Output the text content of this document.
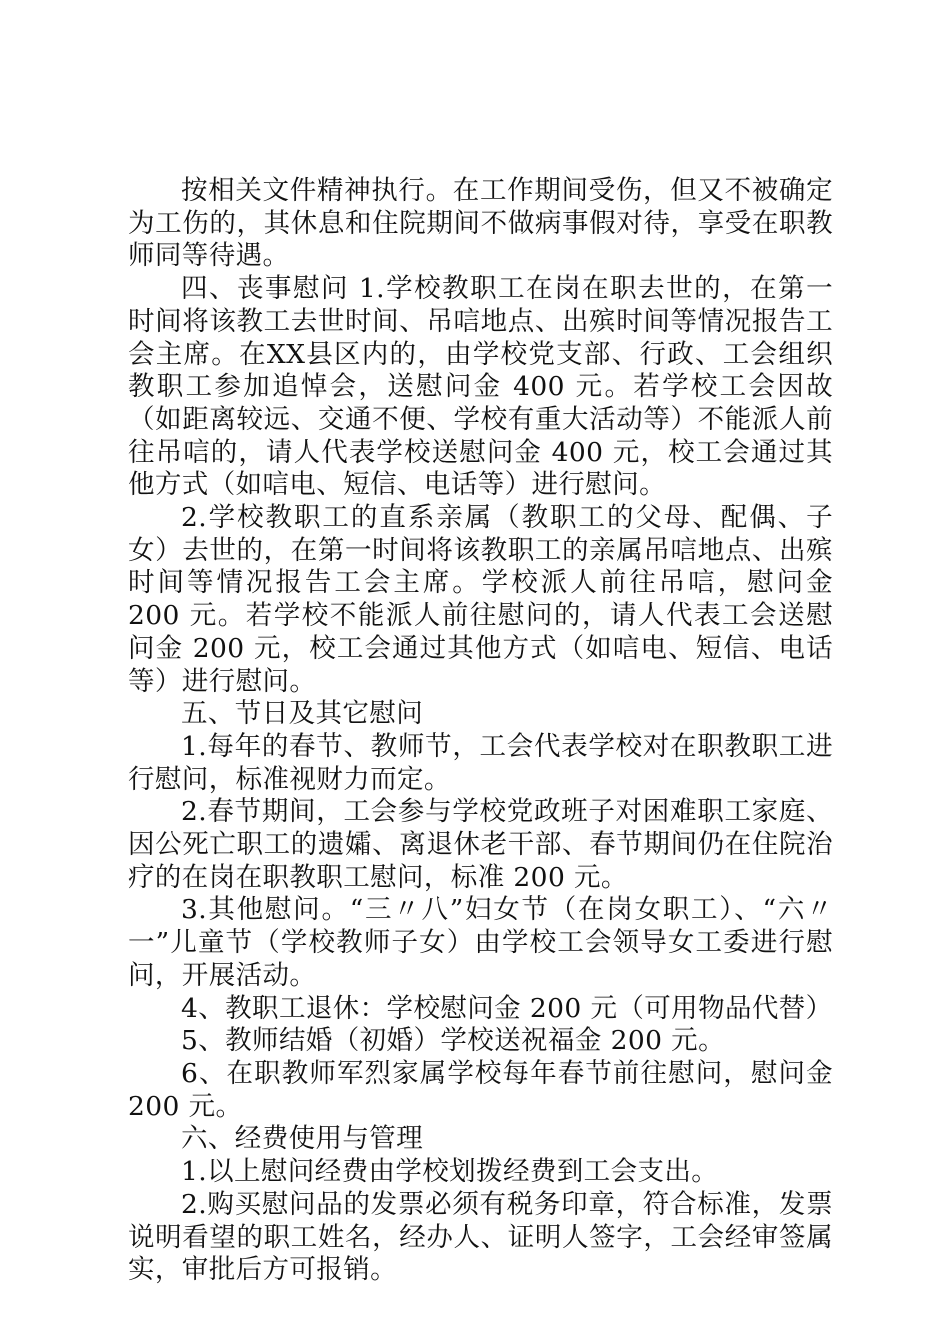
按相关文件精神执行。在工作期间受伤，但又不被确定为工伤的，其休息和住院期间不做病事假对待，享受在职教师同等待遇。

四、丧事慰问 1.学校教职工在岗在职去世的，在第一时间将该教工去世时间、吊唁地点、出殡时间等情况报告工会主席。在XX县区内的，由学校党支部、行政、工会组织教职工参加追悼会，送慰问金 400 元。若学校工会因故（如距离较远、交通不便、学校有重大活动等）不能派人前往吊唁的，请人代表学校送慰问金 400 元，校工会通过其他方式（如唁电、短信、电话等）进行慰问。

2.学校教职工的直系亲属（教职工的父母、配偶、子女）去世的，在第一时间将该教职工的亲属吊唁地点、出殡时间等情况报告工会主席。学校派人前往吊唁，慰问金 200 元。若学校不能派人前往慰问的，请人代表工会送慰问金 200 元，校工会通过其他方式（如唁电、短信、电话等）进行慰问。

五、节日及其它慰问

1.每年的春节、教师节，工会代表学校对在职教职工进行慰问，标准视财力而定。

2.春节期间，工会参与学校党政班子对困难职工家庭、因公死亡职工的遗孀、离退休老干部、春节期间仍在住院治疗的在岗在职教职工慰问，标准 200 元。

3.其他慰问。“三〃八”妇女节（在岗女职工）、“六〃一”儿童节（学校教师子女）由学校工会领导女工委进行慰问，开展活动。

4、教职工退休：学校慰问金 200 元（可用物品代替）

5、教师结婚（初婚）学校送祝福金 200 元。

6、在职教师军烈家属学校每年春节前往慰问，慰问金 200 元。

六、经费使用与管理

1.以上慰问经费由学校划拨经费到工会支出。

2.购买慰问品的发票必须有税务印章，符合标准，发票说明看望的职工姓名，经办人、证明人签字，工会经审签属实，审批后方可报销。
